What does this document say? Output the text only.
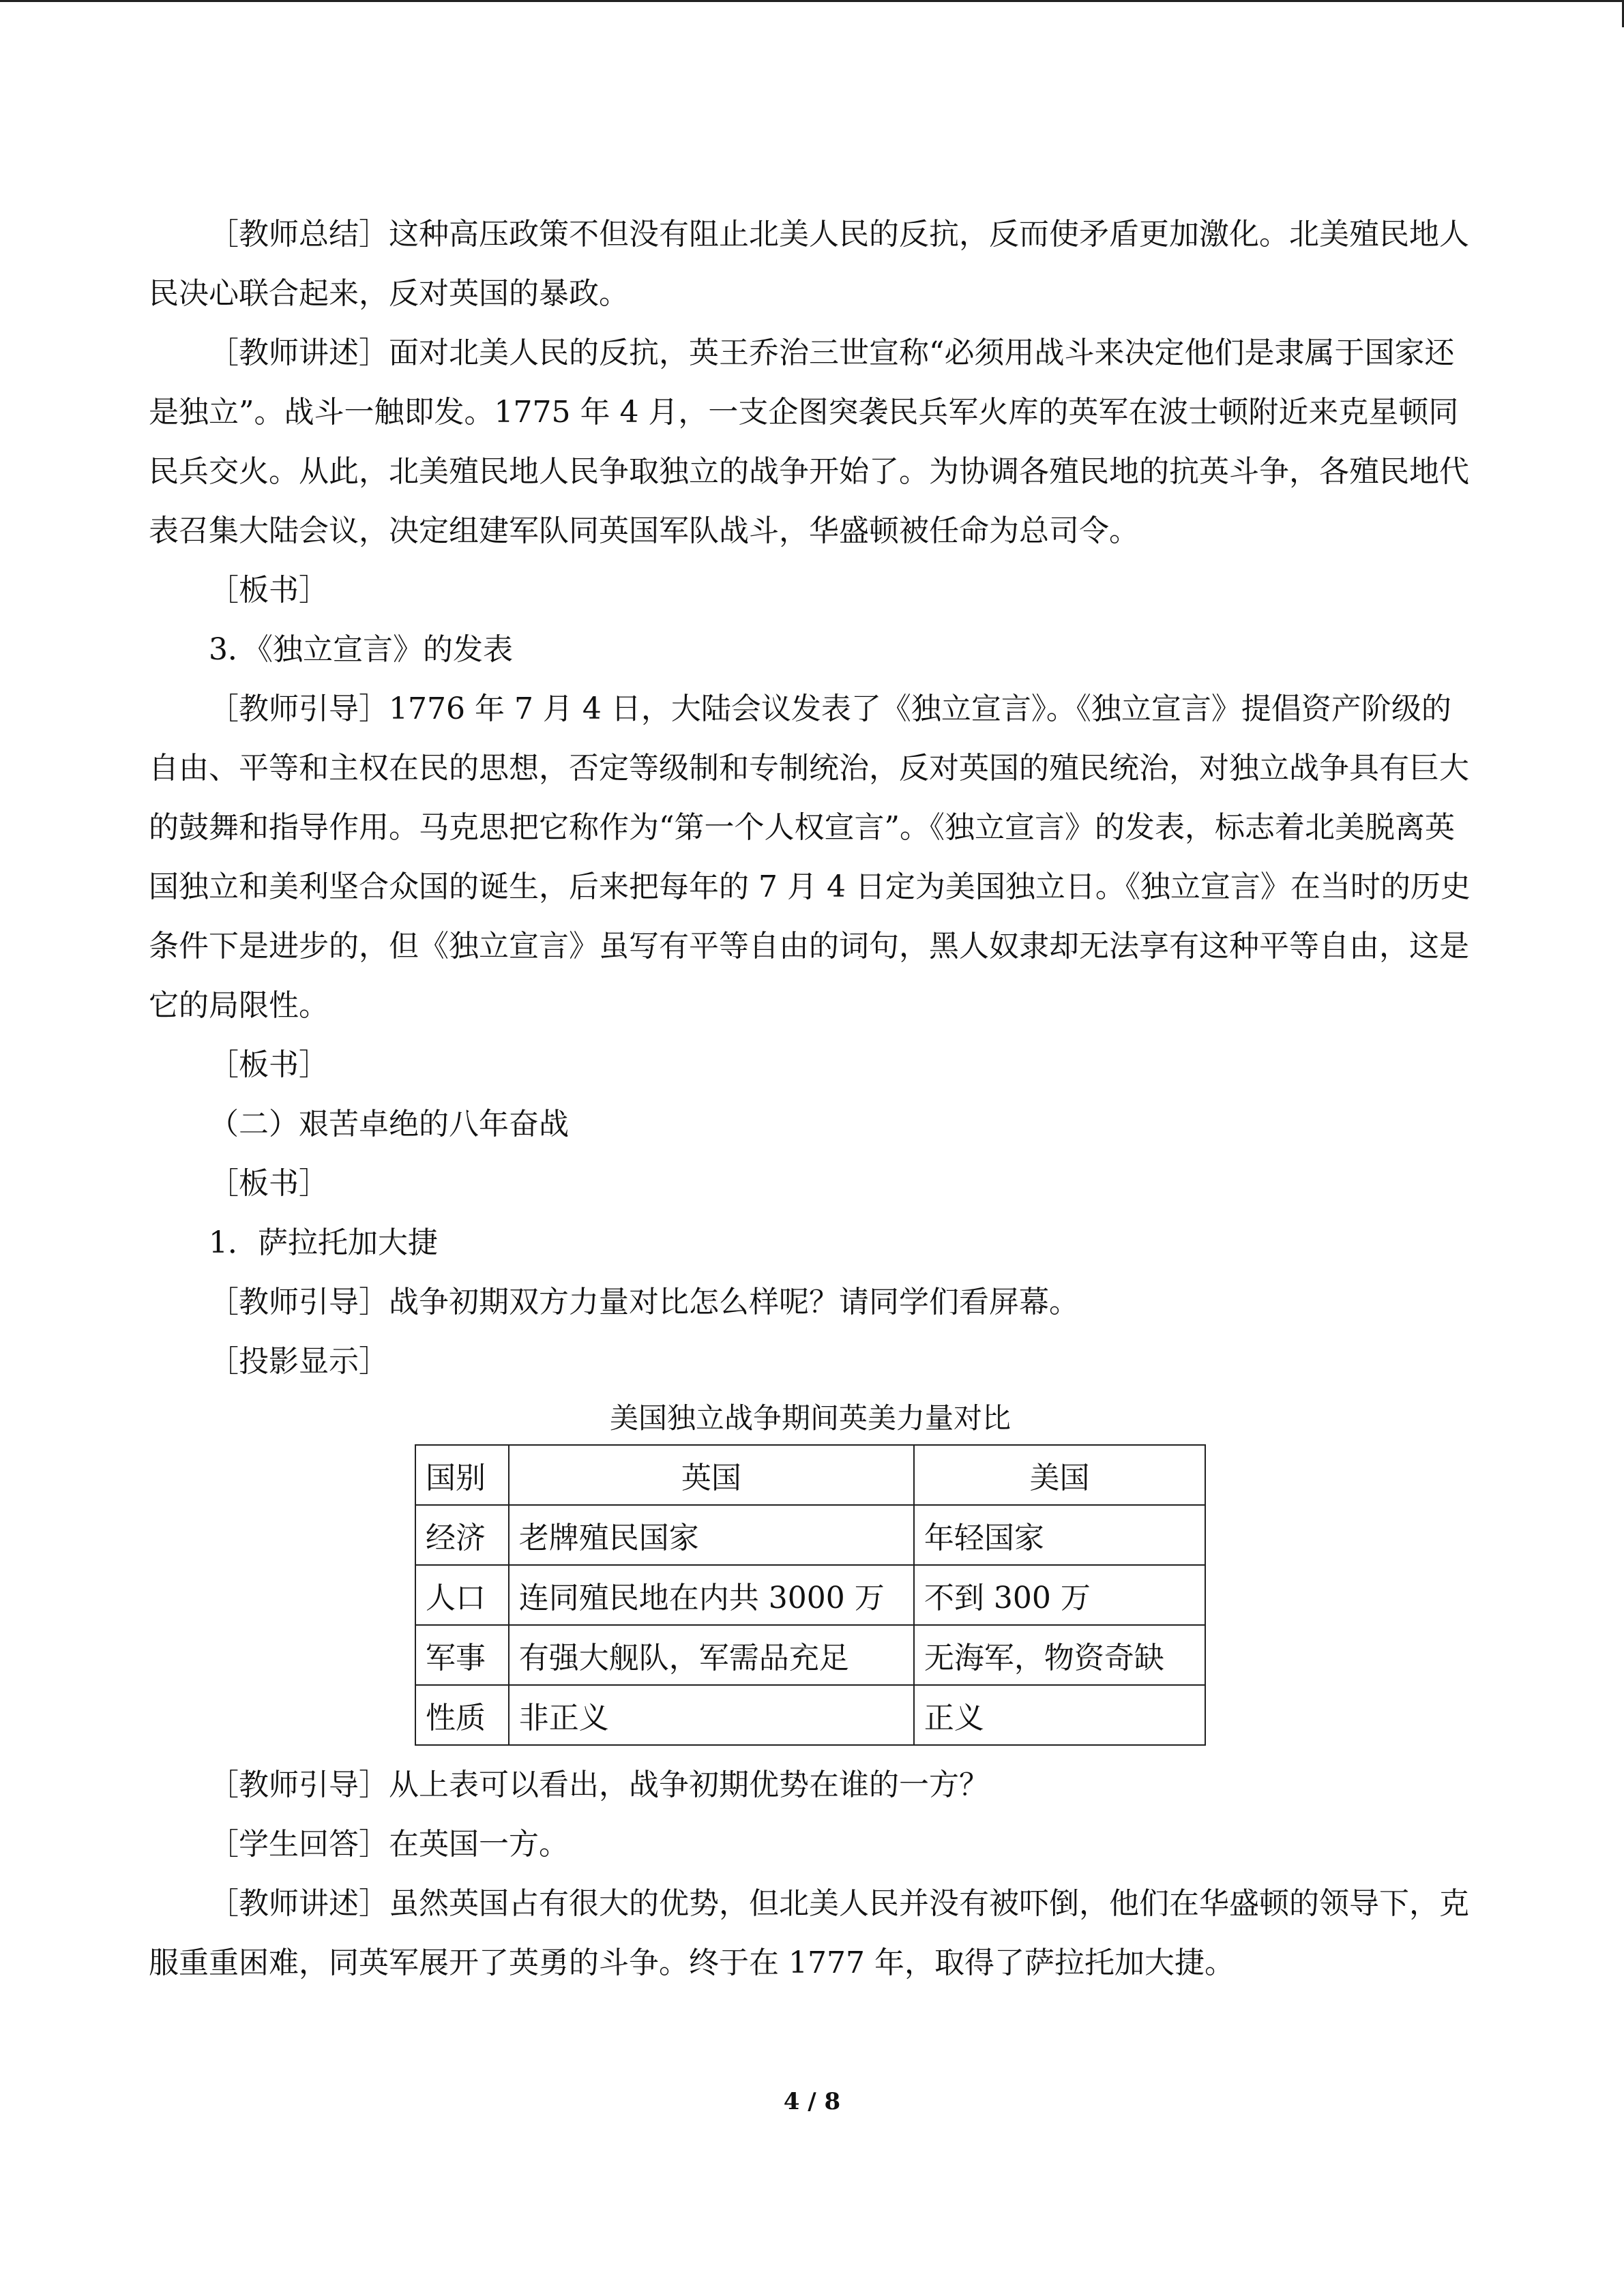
［教师总结］这种高压政策不但没有阻止北美人民的反抗，反而使矛盾更加激化。北美殖民地人民决心联合起来，反对英国的暴政。

［教师讲述］面对北美人民的反抗，英王乔治三世宣称“必须用战斗来决定他们是隶属于国家还是独立”。战斗一触即发。1775 年 4 月，一支企图突袭民兵军火库的英军在波士顿附近来克星顿同民兵交火。从此，北美殖民地人民争取独立的战争开始了。为协调各殖民地的抗英斗争，各殖民地代表召集大陆会议，决定组建军队同英国军队战斗，华盛顿被任命为总司令。

［板书］

3．《独立宣言》的发表

［教师引导］1776 年 7 月 4 日，大陆会议发表了《独立宣言》。《独立宣言》提倡资产阶级的自由、平等和主权在民的思想，否定等级制和专制统治，反对英国的殖民统治，对独立战争具有巨大的鼓舞和指导作用。马克思把它称作为“第一个人权宣言”。《独立宣言》的发表，标志着北美脱离英国独立和美利坚合众国的诞生，后来把每年的 7 月 4 日定为美国独立日。《独立宣言》在当时的历史条件下是进步的，但《独立宣言》虽写有平等自由的词句，黑人奴隶却无法享有这种平等自由，这是它的局限性。

［板书］

（二）艰苦卓绝的八年奋战

［板书］

1．萨拉托加大捷

［教师引导］战争初期双方力量对比怎么样呢？请同学们看屏幕。

［投影显示］

美国独立战争期间英美力量对比
国别	英国	美国
经济	老牌殖民国家	年轻国家
人口	连同殖民地在内共 3000 万	不到 300 万
军事	有强大舰队，军需品充足	无海军，物资奇缺
性质	非正义	正义

［教师引导］从上表可以看出，战争初期优势在谁的一方？

［学生回答］在英国一方。

［教师讲述］虽然英国占有很大的优势，但北美人民并没有被吓倒，他们在华盛顿的领导下，克服重重困难，同英军展开了英勇的斗争。终于在 1777 年，取得了萨拉托加大捷。

4 / 8
